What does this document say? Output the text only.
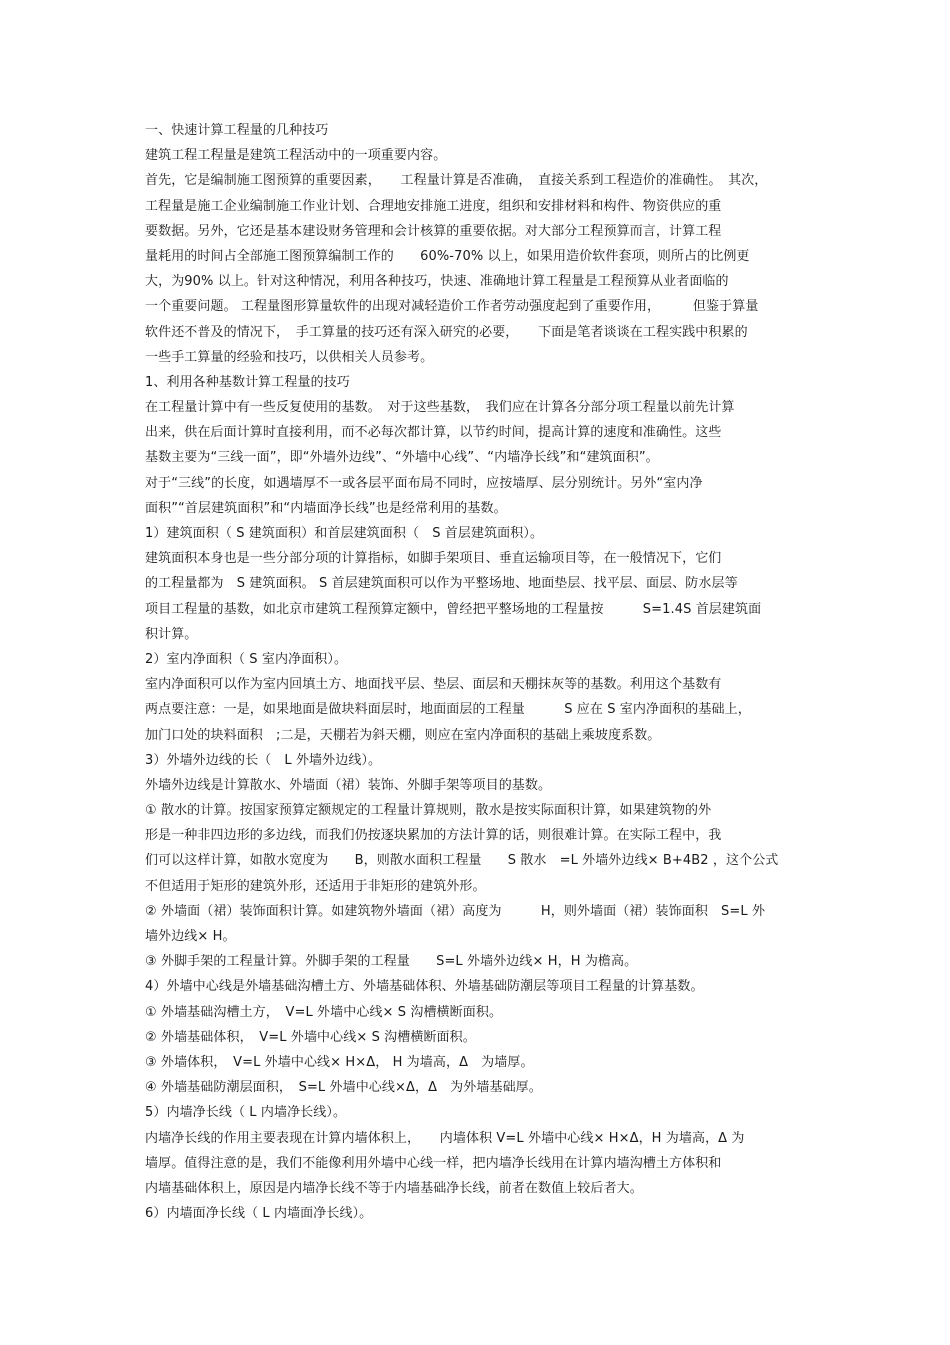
一、快速计算工程量的几种技巧
建筑工程工程量是建筑工程活动中的一项重要内容。
首先，它是编制施工图预算的重要因素，　　工程量计算是否准确，　直接关系到工程造价的准确性。　其次，
工程量是施工企业编制施工作业计划、合理地安排施工进度，组织和安排材料和构件、物资供应的重
要数据。另外，它还是基本建设财务管理和会计核算的重要依据。对大部分工程预算而言，计算工程
量耗用的时间占全部施工图预算编制工作的　　60%-70% 以上，如果用造价软件套项，则所占的比例更
大，为90% 以上。针对这种情况，利用各种技巧，快速、准确地计算工程量是工程预算从业者面临的
一个重要问题。 工程量图形算量软件的出现对减轻造价工作者劳动强度起到了重要作用，　　　但鉴于算量
软件还不普及的情况下，　手工算量的技巧还有深入研究的必要，　　下面是笔者谈谈在工程实践中积累的
一些手工算量的经验和技巧，以供相关人员参考。
1、利用各种基数计算工程量的技巧
在工程量计算中有一些反复使用的基数。　对于这些基数，　我们应在计算各分部分项工程量以前先计算
出来，供在后面计算时直接利用，而不必每次都计算，以节约时间，提高计算的速度和准确性。这些
基数主要为“三线一面”，即“外墙外边线”、“外墙中心线”、“内墙净长线”和“建筑面积”。
对于“三线”的长度，如遇墙厚不一或各层平面布局不同时，应按墙厚、层分别统计。另外“室内净
面积”“首层建筑面积”和“内墙面净长线”也是经常利用的基数。
1）建筑面积（ S 建筑面积）和首层建筑面积（　S 首层建筑面积）。
建筑面积本身也是一些分部分项的计算指标，如脚手架项目、垂直运输项目等，在一般情况下，它们
的工程量都为　S 建筑面积。 S 首层建筑面积可以作为平整场地、地面垫层、找平层、面层、防水层等
项目工程量的基数，如北京市建筑工程预算定额中，曾经把平整场地的工程量按　　　S=1.4S 首层建筑面
积计算。
2）室内净面积（ S 室内净面积）。
室内净面积可以作为室内回填土方、地面找平层、垫层、面层和天棚抹灰等的基数。利用这个基数有
两点要注意：一是，如果地面是做块料面层时，地面面层的工程量　　　S 应在 S 室内净面积的基础上，
加门口处的块料面积　;二是，天棚若为斜天棚，则应在室内净面积的基础上乘坡度系数。
3）外墙外边线的长（　L 外墙外边线）。
外墙外边线是计算散水、外墙面（裙）装饰、外脚手架等项目的基数。
① 散水的计算。按国家预算定额规定的工程量计算规则，散水是按实际面积计算，如果建筑物的外
形是一种非四边形的多边线，而我们仍按逐块累加的方法计算的话，则很难计算。在实际工程中，我
们可以这样计算，如散水宽度为　　B，则散水面积工程量　　S 散水　=L 外墙外边线× B+4B2 ，这个公式
不但适用于矩形的建筑外形，还适用于非矩形的建筑外形。
② 外墙面（裙）装饰面积计算。如建筑物外墙面（裙）高度为　　　H，则外墙面（裙）装饰面积　S=L 外
墙外边线× H。
③ 外脚手架的工程量计算。外脚手架的工程量　　S=L 外墙外边线× H，H 为檐高。
4）外墙中心线是外墙基础沟槽土方、外墙基础体积、外墙基础防潮层等项目工程量的计算基数。
① 外墙基础沟槽土方，　V=L 外墙中心线× S 沟槽横断面积。
② 外墙基础体积，　V=L 外墙中心线× S 沟槽横断面积。
③ 外墙体积，　V=L 外墙中心线× H×Δ， H 为墙高，Δ　为墙厚。
④ 外墙基础防潮层面积，　S=L 外墙中心线×Δ，Δ　为外墙基础厚。
5）内墙净长线（ L 内墙净长线）。
内墙净长线的作用主要表现在计算内墙体积上，　　内墙体积 V=L 外墙中心线× H×Δ，H 为墙高，Δ 为
墙厚。值得注意的是，我们不能像利用外墙中心线一样，把内墙净长线用在计算内墙沟槽土方体积和
内墙基础体积上，原因是内墙净长线不等于内墙基础净长线，前者在数值上较后者大。
6）内墙面净长线（ L 内墙面净长线）。
